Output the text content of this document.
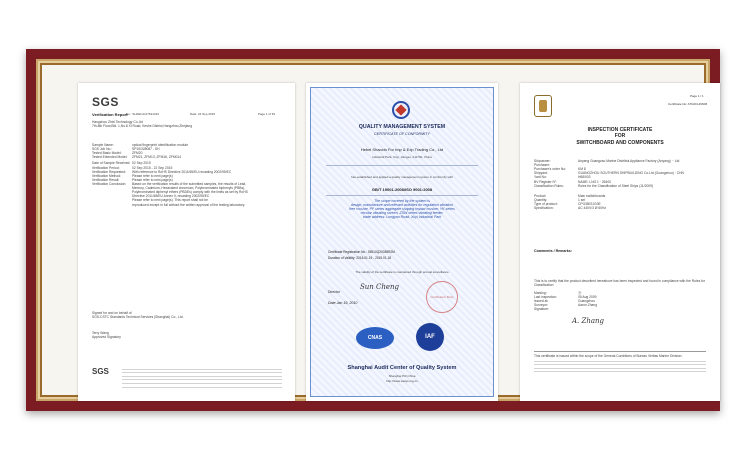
SGS
Verification Report
No.: SHAEC1117621433	Date: 24 Sep 2015	Page 1 of 39
Hangzhou Zhixi Technology Co.,ltd
7th-8th Floor,Bld. 1,No.8 Xi Road, Keshe District,Hangzhou,Zhejiang
Sample Name:	optical fingerprint identification module
SGS Job No.:	SP15/328087 - SH
Tested Basic Model:	ZFM20
Tested Extended Model:	ZFM21, ZFM13, ZFM16, ZFM014
Date of Sample Received: 02 Sep 2015
Verification Period:	02 Sep 2015 - 22 Sep 2015
Verification Requested:	With reference to RoHS Directive 2011/65/EU recasting 2002/95/EC
Verification Method:	Please refer to next page(s)
Verification Result:	Please refer to next page(s)
Verification Conclusion:	Based on the verification results of the submitted samples, the results of Lead,
Mercury, Cadmium, Hexavalent chromium, Polybrominated biphenyls (PBBs),
Polybrominated diphenyl ethers (PBDEs) comply with the limits as set by RoHS
Directive 2011/65/EU Annex II, recasting 2002/95/EC
Please refer to next page(s). This report shall not be
reproduced except in full without the written approval of the testing laboratory.
Signed for and on behalf of
SGS-CSTC Standards Technical Services (Shanghai) Co., Ltd.
Terry Wang
Approved Signatory
SGS
QUALITY MANAGEMENT SYSTEM
CERTIFICATE OF CONFORMITY
Hebei Shaoxin For Imp & Exp Trading Co., Ltd
Industrial Park, Xuyi, Jiangsu, 211700, China
has established and applied a quality management system in conformity with
GB/T 19001-2008/ISO 9001:2008
The scope covered by the system is
design, manufacture and relevant activities for regulation vibration
free crusher, PF series aggregate shaping impact crusher, YK series
circular vibrating screen, ZSW series vibrating feeder,
trade address: Longyan Road, Xuyi Industrial Park
Certificate Registration No.: 05510Q20038R2M
Duration of Validity: 2016.01.19 - 2019.01.18
The validity of the certificate is maintained through annual surveillance
Director
Sun Cheng
Certification Body
Date Jan 19, 2010
CNAS	IAF
Shanghai Audit Center of Quality System
Shanghai P.R.China
http://www.sacqs.org.cn
Page 1 / 1
Certificate No: ATG0CHNN06
INSPECTION CERTIFICATE
FOR
SWITCHBOARD AND COMPONENTS
Shipowner:	Anyang Guangzao Marine Distribut Appliance Factory (Anyang) ·· Ltd
Purchaser:
Purchaser's order No:	KM 8
Shipyard:	GUANGZHOU SOUTHERN SHIPBUILDING Co.Ltd (Guangzhou) · CHN
Yard No:	H68/003
BV Register N°:	NAME: LNG 1 · 26400
Classification Rules:	Rules for the Classification of Steel Ships (11/2009)
Product:	Main switchboards
Quantity:	1 set
Type of product:	CPG3B/S1G0E
Specification:	AC 440V/3 Ø 60Hz
Comments / Remarks:
This is to certify that the product described hereabove has been inspected and found in compliance with the Rules for Classification
Marking:	Ⓑ
Last inspection:	05 Aug 2009
Issued at:	Guangzhou
Surveyor:	Aaron Zhang
Signature:
A. Zhang
This certificate is issued within the scope of the General Conditions of Bureau Veritas Marine Division.
